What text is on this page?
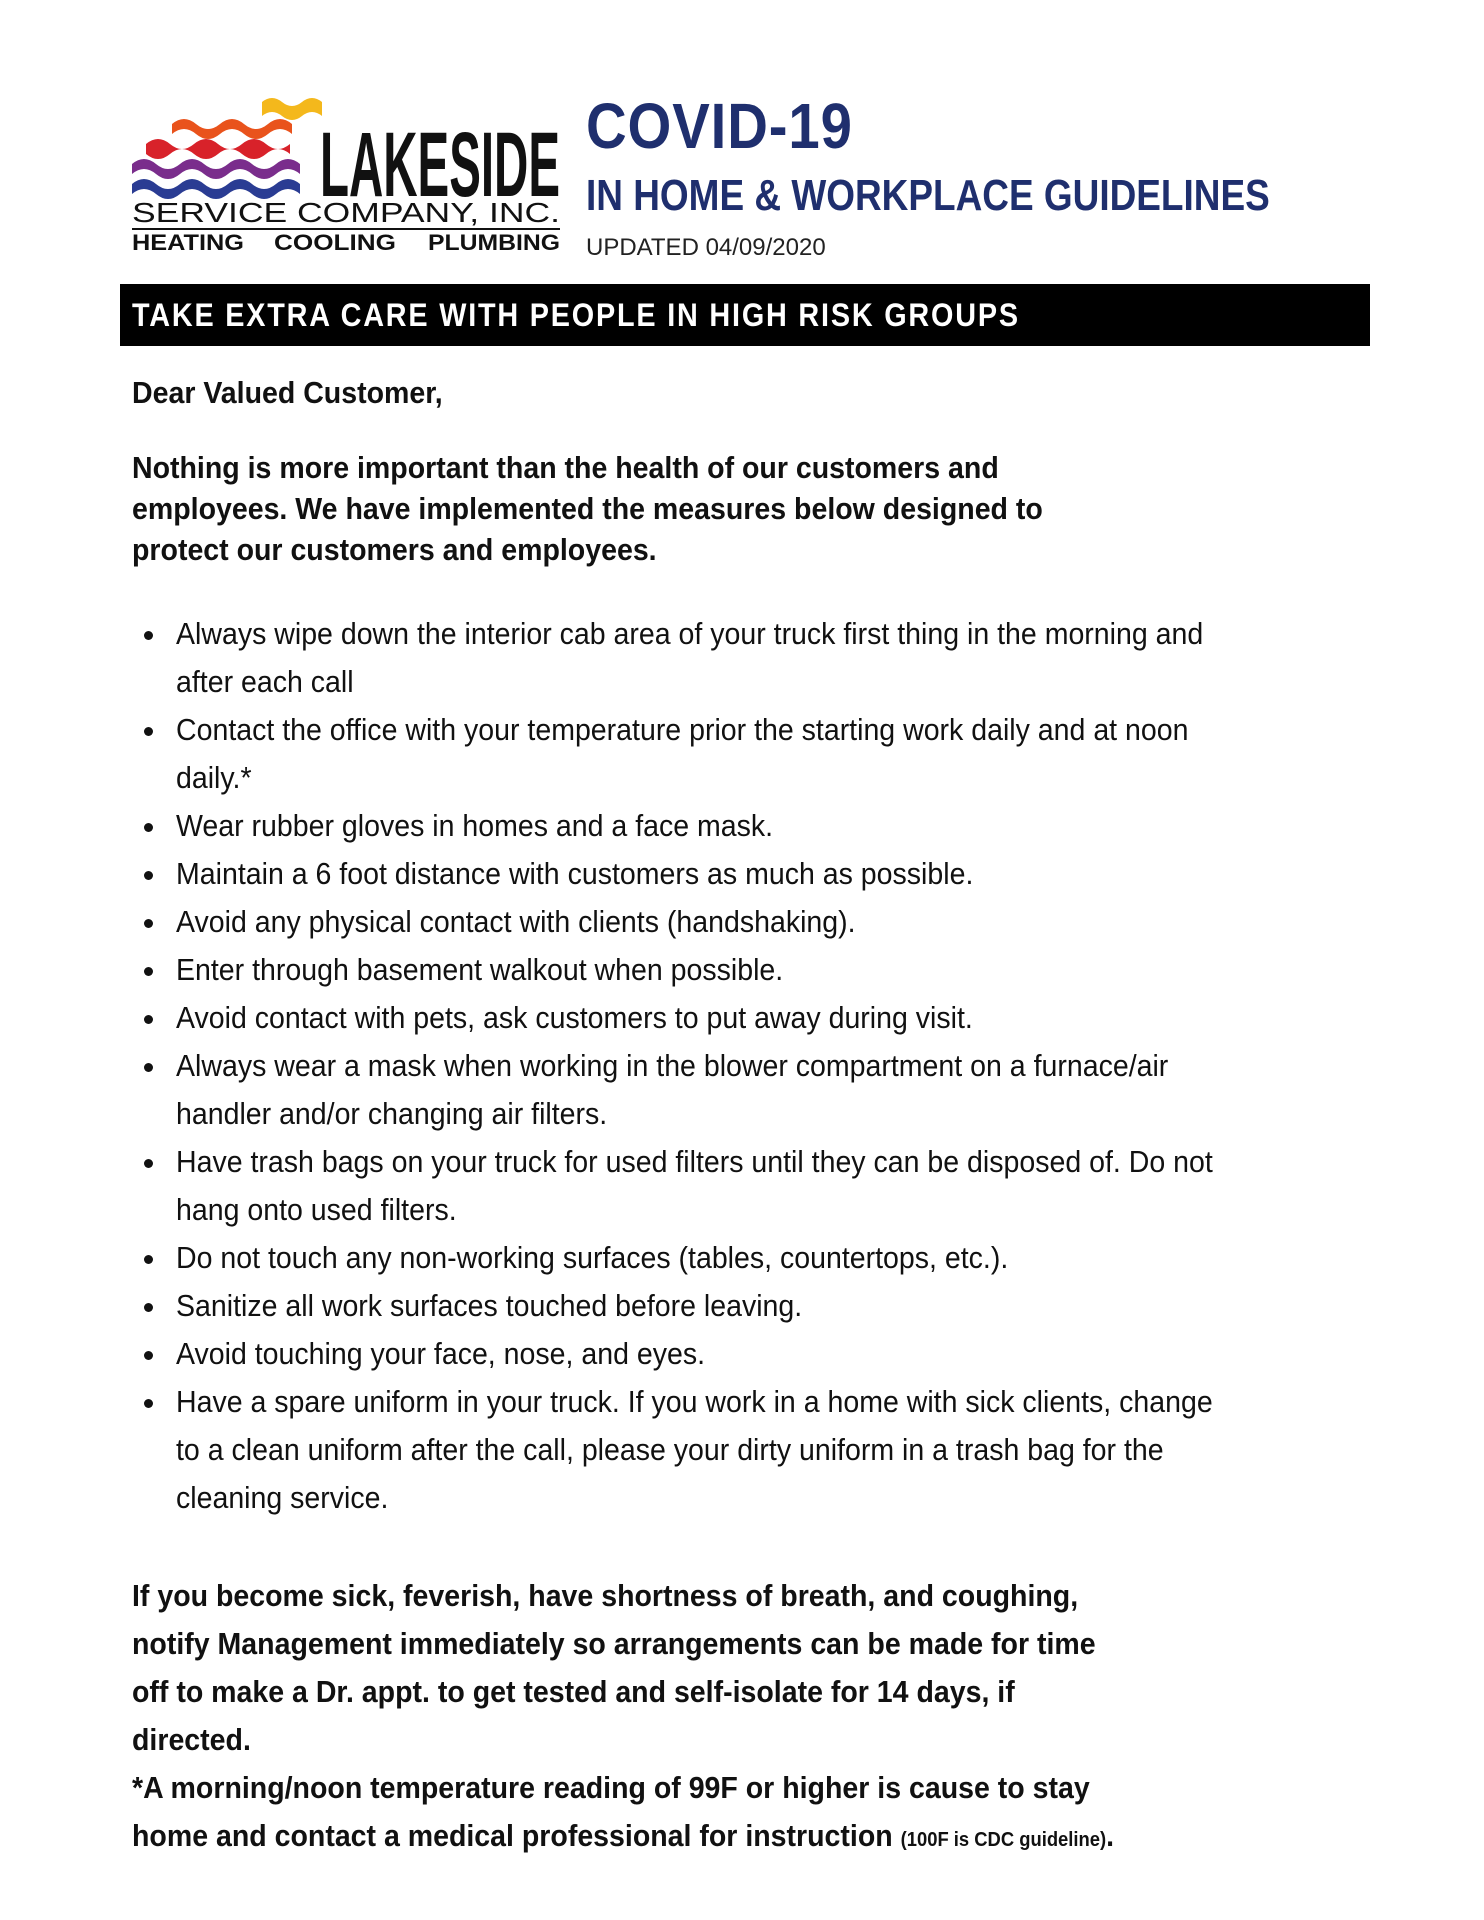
LAKESIDE
SERVICE COMPANY, INC.
HEATING COOLING PLUMBING
COVID-19
IN HOME & WORKPLACE GUIDELINES
UPDATED 04/09/2020
TAKE EXTRA CARE WITH PEOPLE IN HIGH RISK GROUPS
Dear Valued Customer,
Nothing is more important than the health of our customers and employees. We have implemented the measures below designed to protect our customers and employees.
Always wipe down the interior cab area of your truck first thing in the morning and after each call
Contact the office with your temperature prior the starting work daily and at noon daily.*
Wear rubber gloves in homes and a face mask.
Maintain a 6 foot distance with customers as much as possible.
Avoid any physical contact with clients (handshaking).
Enter through basement walkout when possible.
Avoid contact with pets, ask customers to put away during visit.
Always wear a mask when working in the blower compartment on a furnace/air handler and/or changing air filters.
Have trash bags on your truck for used filters until they can be disposed of. Do not hang onto used filters.
Do not touch any non-working surfaces (tables, countertops, etc.).
Sanitize all work surfaces touched before leaving.
Avoid touching your face, nose, and eyes.
Have a spare uniform in your truck. If you work in a home with sick clients, change to a clean uniform after the call, please your dirty uniform in a trash bag for the cleaning service.
If you become sick, feverish, have shortness of breath, and coughing, notify Management immediately so arrangements can be made for time off to make a Dr. appt. to get tested and self-isolate for 14 days, if directed.
*A morning/noon temperature reading of 99F or higher is cause to stay home and contact a medical professional for instruction (100F is CDC guideline).
